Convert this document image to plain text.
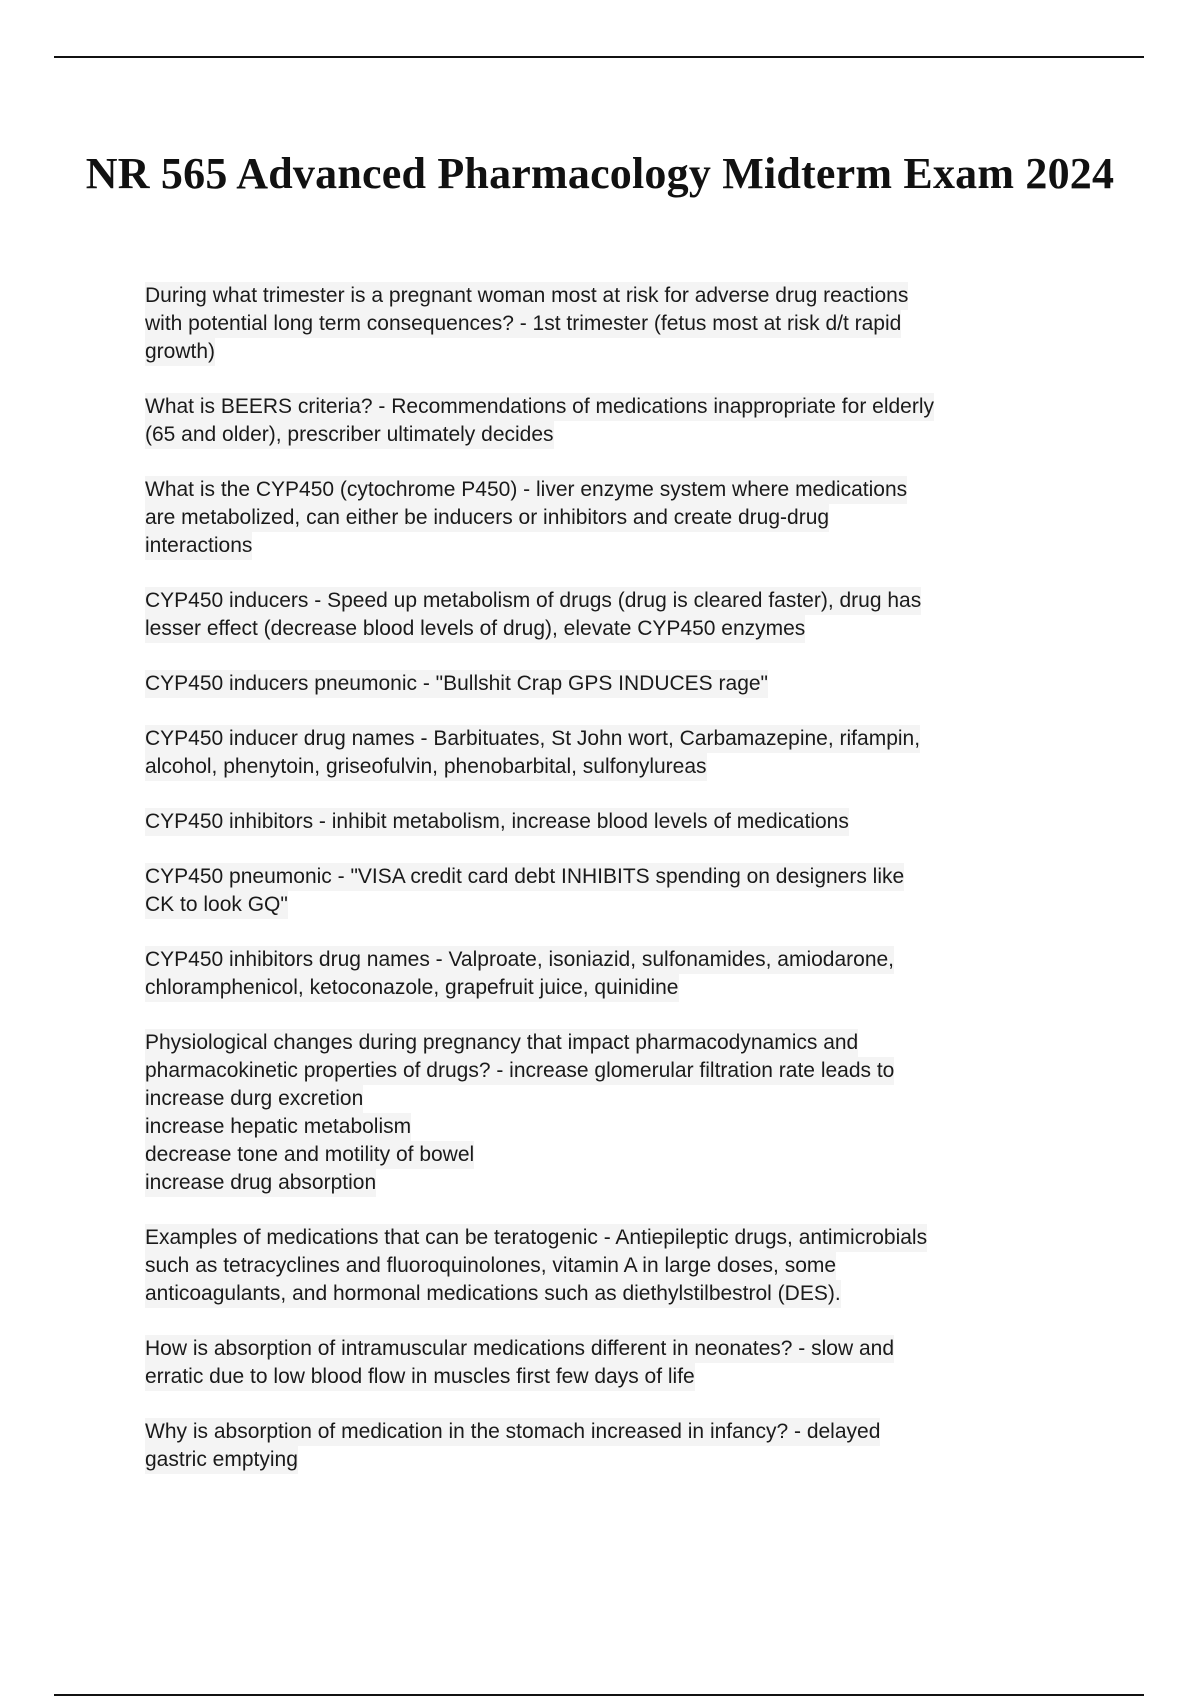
NR 565 Advanced Pharmacology Midterm Exam 2024
During what trimester is a pregnant woman most at risk for adverse drug reactions
with potential long term consequences? - 1st trimester (fetus most at risk d/t rapid
growth)
What is BEERS criteria? - Recommendations of medications inappropriate for elderly
(65 and older), prescriber ultimately decides
What is the CYP450 (cytochrome P450) - liver enzyme system where medications
are metabolized, can either be inducers or inhibitors and create drug-drug
interactions
CYP450 inducers - Speed up metabolism of drugs (drug is cleared faster), drug has
lesser effect (decrease blood levels of drug), elevate CYP450 enzymes
CYP450 inducers pneumonic - "Bullshit Crap GPS INDUCES rage"
CYP450 inducer drug names - Barbituates, St John wort, Carbamazepine, rifampin,
alcohol, phenytoin, griseofulvin, phenobarbital, sulfonylureas
CYP450 inhibitors - inhibit metabolism, increase blood levels of medications
CYP450 pneumonic - "VISA credit card debt INHIBITS spending on designers like
CK to look GQ"
CYP450 inhibitors drug names - Valproate, isoniazid, sulfonamides, amiodarone,
chloramphenicol, ketoconazole, grapefruit juice, quinidine
Physiological changes during pregnancy that impact pharmacodynamics and
pharmacokinetic properties of drugs? - increase glomerular filtration rate leads to
increase durg excretion
increase hepatic metabolism
decrease tone and motility of bowel
increase drug absorption
Examples of medications that can be teratogenic - Antiepileptic drugs, antimicrobials
such as tetracyclines and fluoroquinolones, vitamin A in large doses, some
anticoagulants, and hormonal medications such as diethylstilbestrol (DES).
How is absorption of intramuscular medications different in neonates? - slow and
erratic due to low blood flow in muscles first few days of life
Why is absorption of medication in the stomach increased in infancy? - delayed
gastric emptying
